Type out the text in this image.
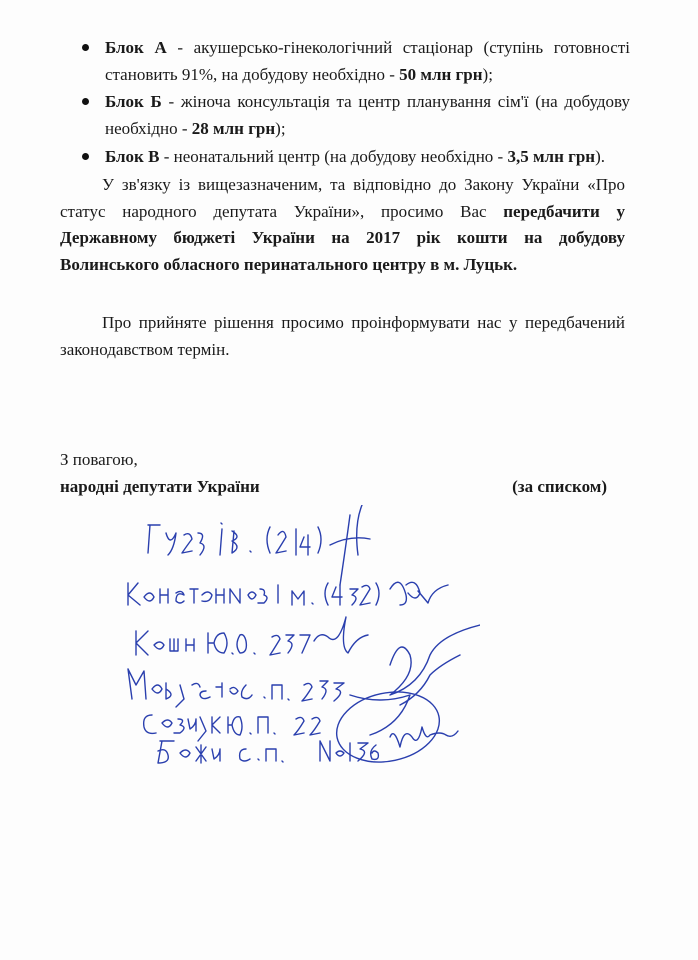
Блок А - акушерсько-гінекологічний стаціонар (ступінь готовності становить 91%, на добудову необхідно - 50 млн грн);
Блок Б - жіноча консультація та центр планування сім'ї (на добудову необхідно - 28 млн грн);
Блок В - неонатальний центр (на добудову необхідно - 3,5 млн грн).
У зв'язку із вищезазначеним, та відповідно до Закону України «Про статус народного депутата України», просимо Вас передбачити у Державному бюджеті України на 2017 рік кошти на добудову Волинського обласного перинатального центру в м. Луцьк.
Про прийняте рішення просимо проінформувати нас у передбачений законодавством термін.
З повагою,
народні депутати України	(за списком)
